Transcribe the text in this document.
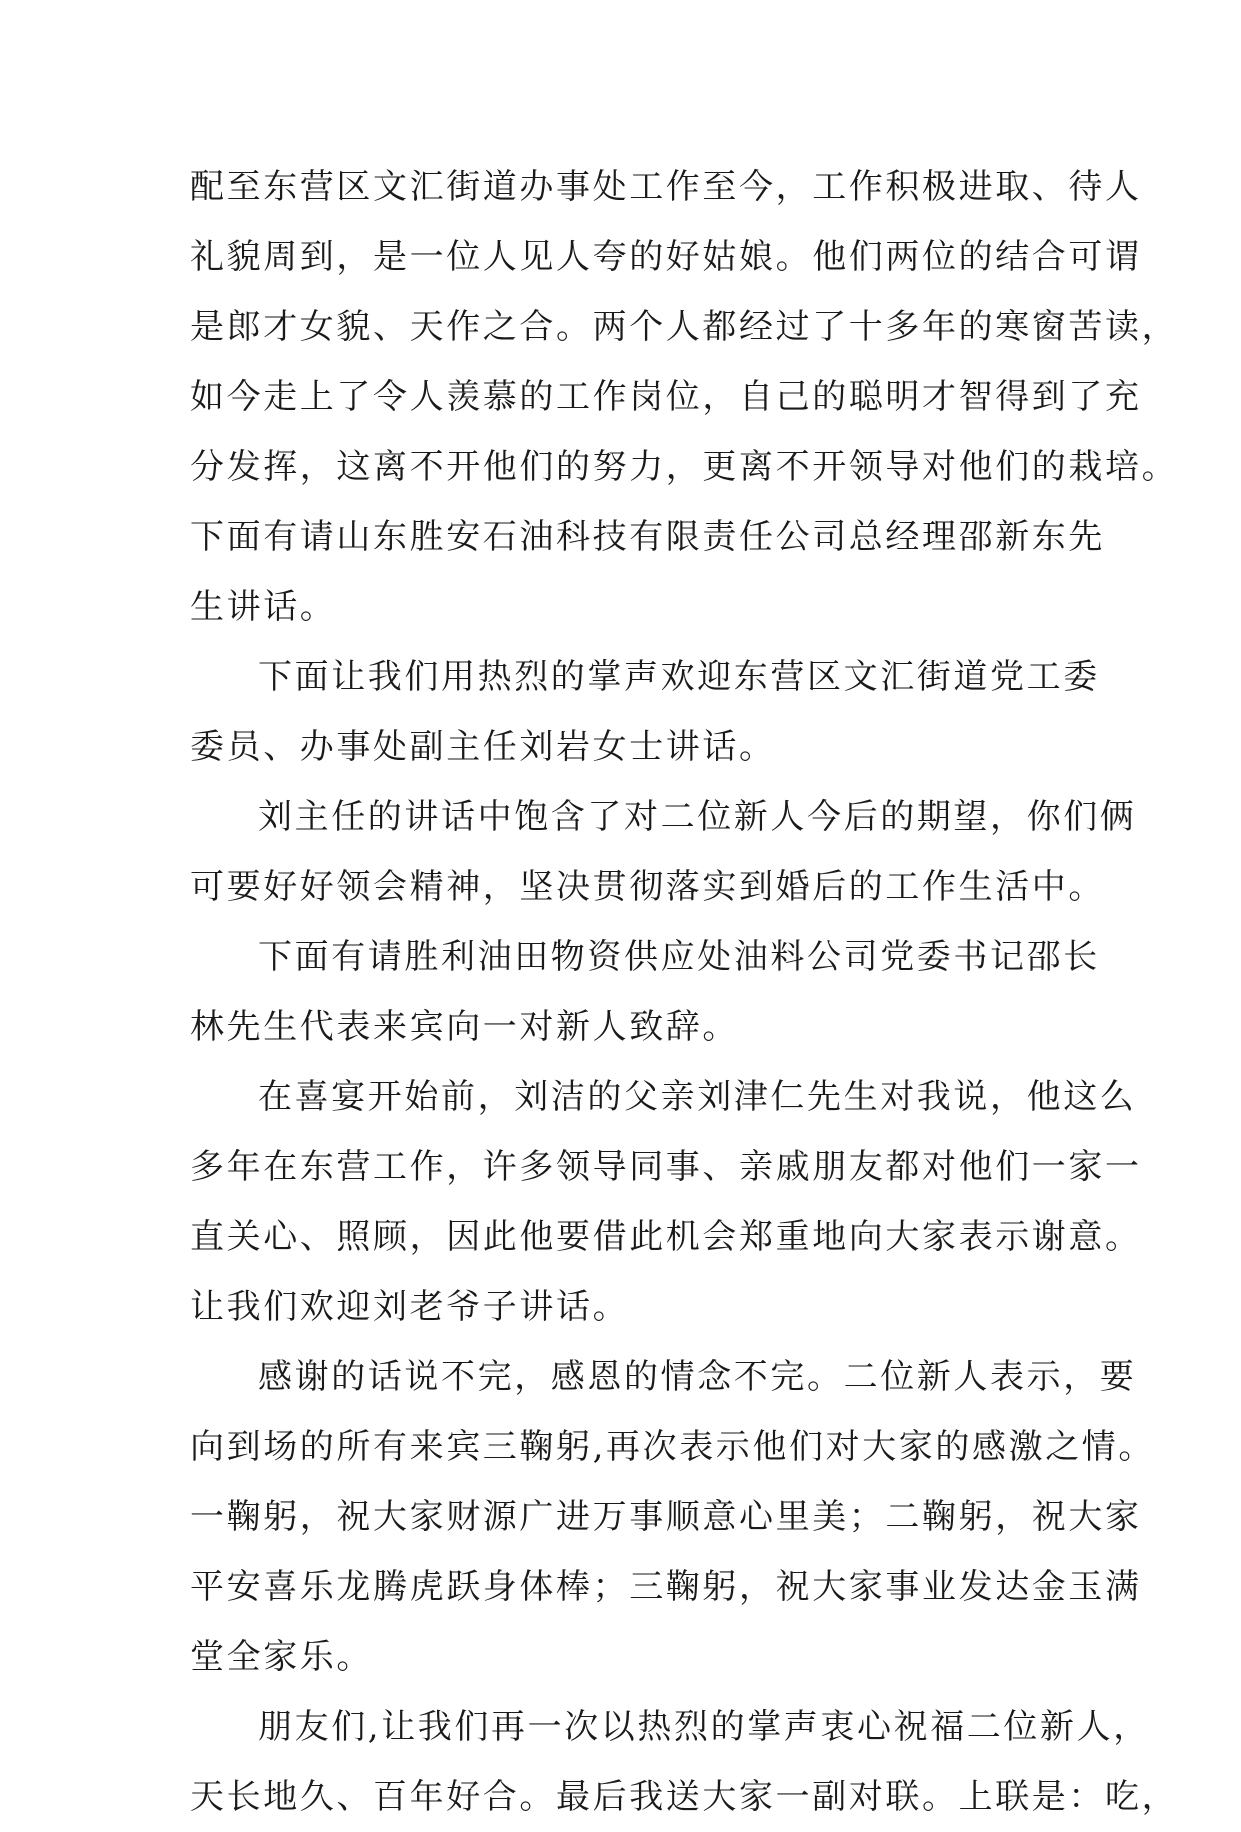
配至东营区文汇街道办事处工作至今，工作积极进取、待人

礼貌周到，是一位人见人夸的好姑娘。他们两位的结合可谓

是郎才女貌、天作之合。两个人都经过了十多年的寒窗苦读，

如今走上了令人羡慕的工作岗位，自己的聪明才智得到了充

分发挥，这离不开他们的努力，更离不开领导对他们的栽培。

下面有请山东胜安石油科技有限责任公司总经理邵新东先

生讲话。

下面让我们用热烈的掌声欢迎东营区文汇街道党工委

委员、办事处副主任刘岩女士讲话。

刘主任的讲话中饱含了对二位新人今后的期望，你们俩

可要好好领会精神，坚决贯彻落实到婚后的工作生活中。

下面有请胜利油田物资供应处油料公司党委书记邵长

林先生代表来宾向一对新人致辞。

在喜宴开始前，刘洁的父亲刘津仁先生对我说，他这么

多年在东营工作，许多领导同事、亲戚朋友都对他们一家一

直关心、照顾，因此他要借此机会郑重地向大家表示谢意。

让我们欢迎刘老爷子讲话。

感谢的话说不完，感恩的情念不完。二位新人表示，要

向到场的所有来宾三鞠躬,再次表示他们对大家的感激之情。

一鞠躬，祝大家财源广进万事顺意心里美；二鞠躬，祝大家

平安喜乐龙腾虎跃身体棒；三鞠躬，祝大家事业发达金玉满

堂全家乐。

朋友们,让我们再一次以热烈的掌声衷心祝福二位新人，

天长地久、百年好合。最后我送大家一副对联。上联是：吃，
